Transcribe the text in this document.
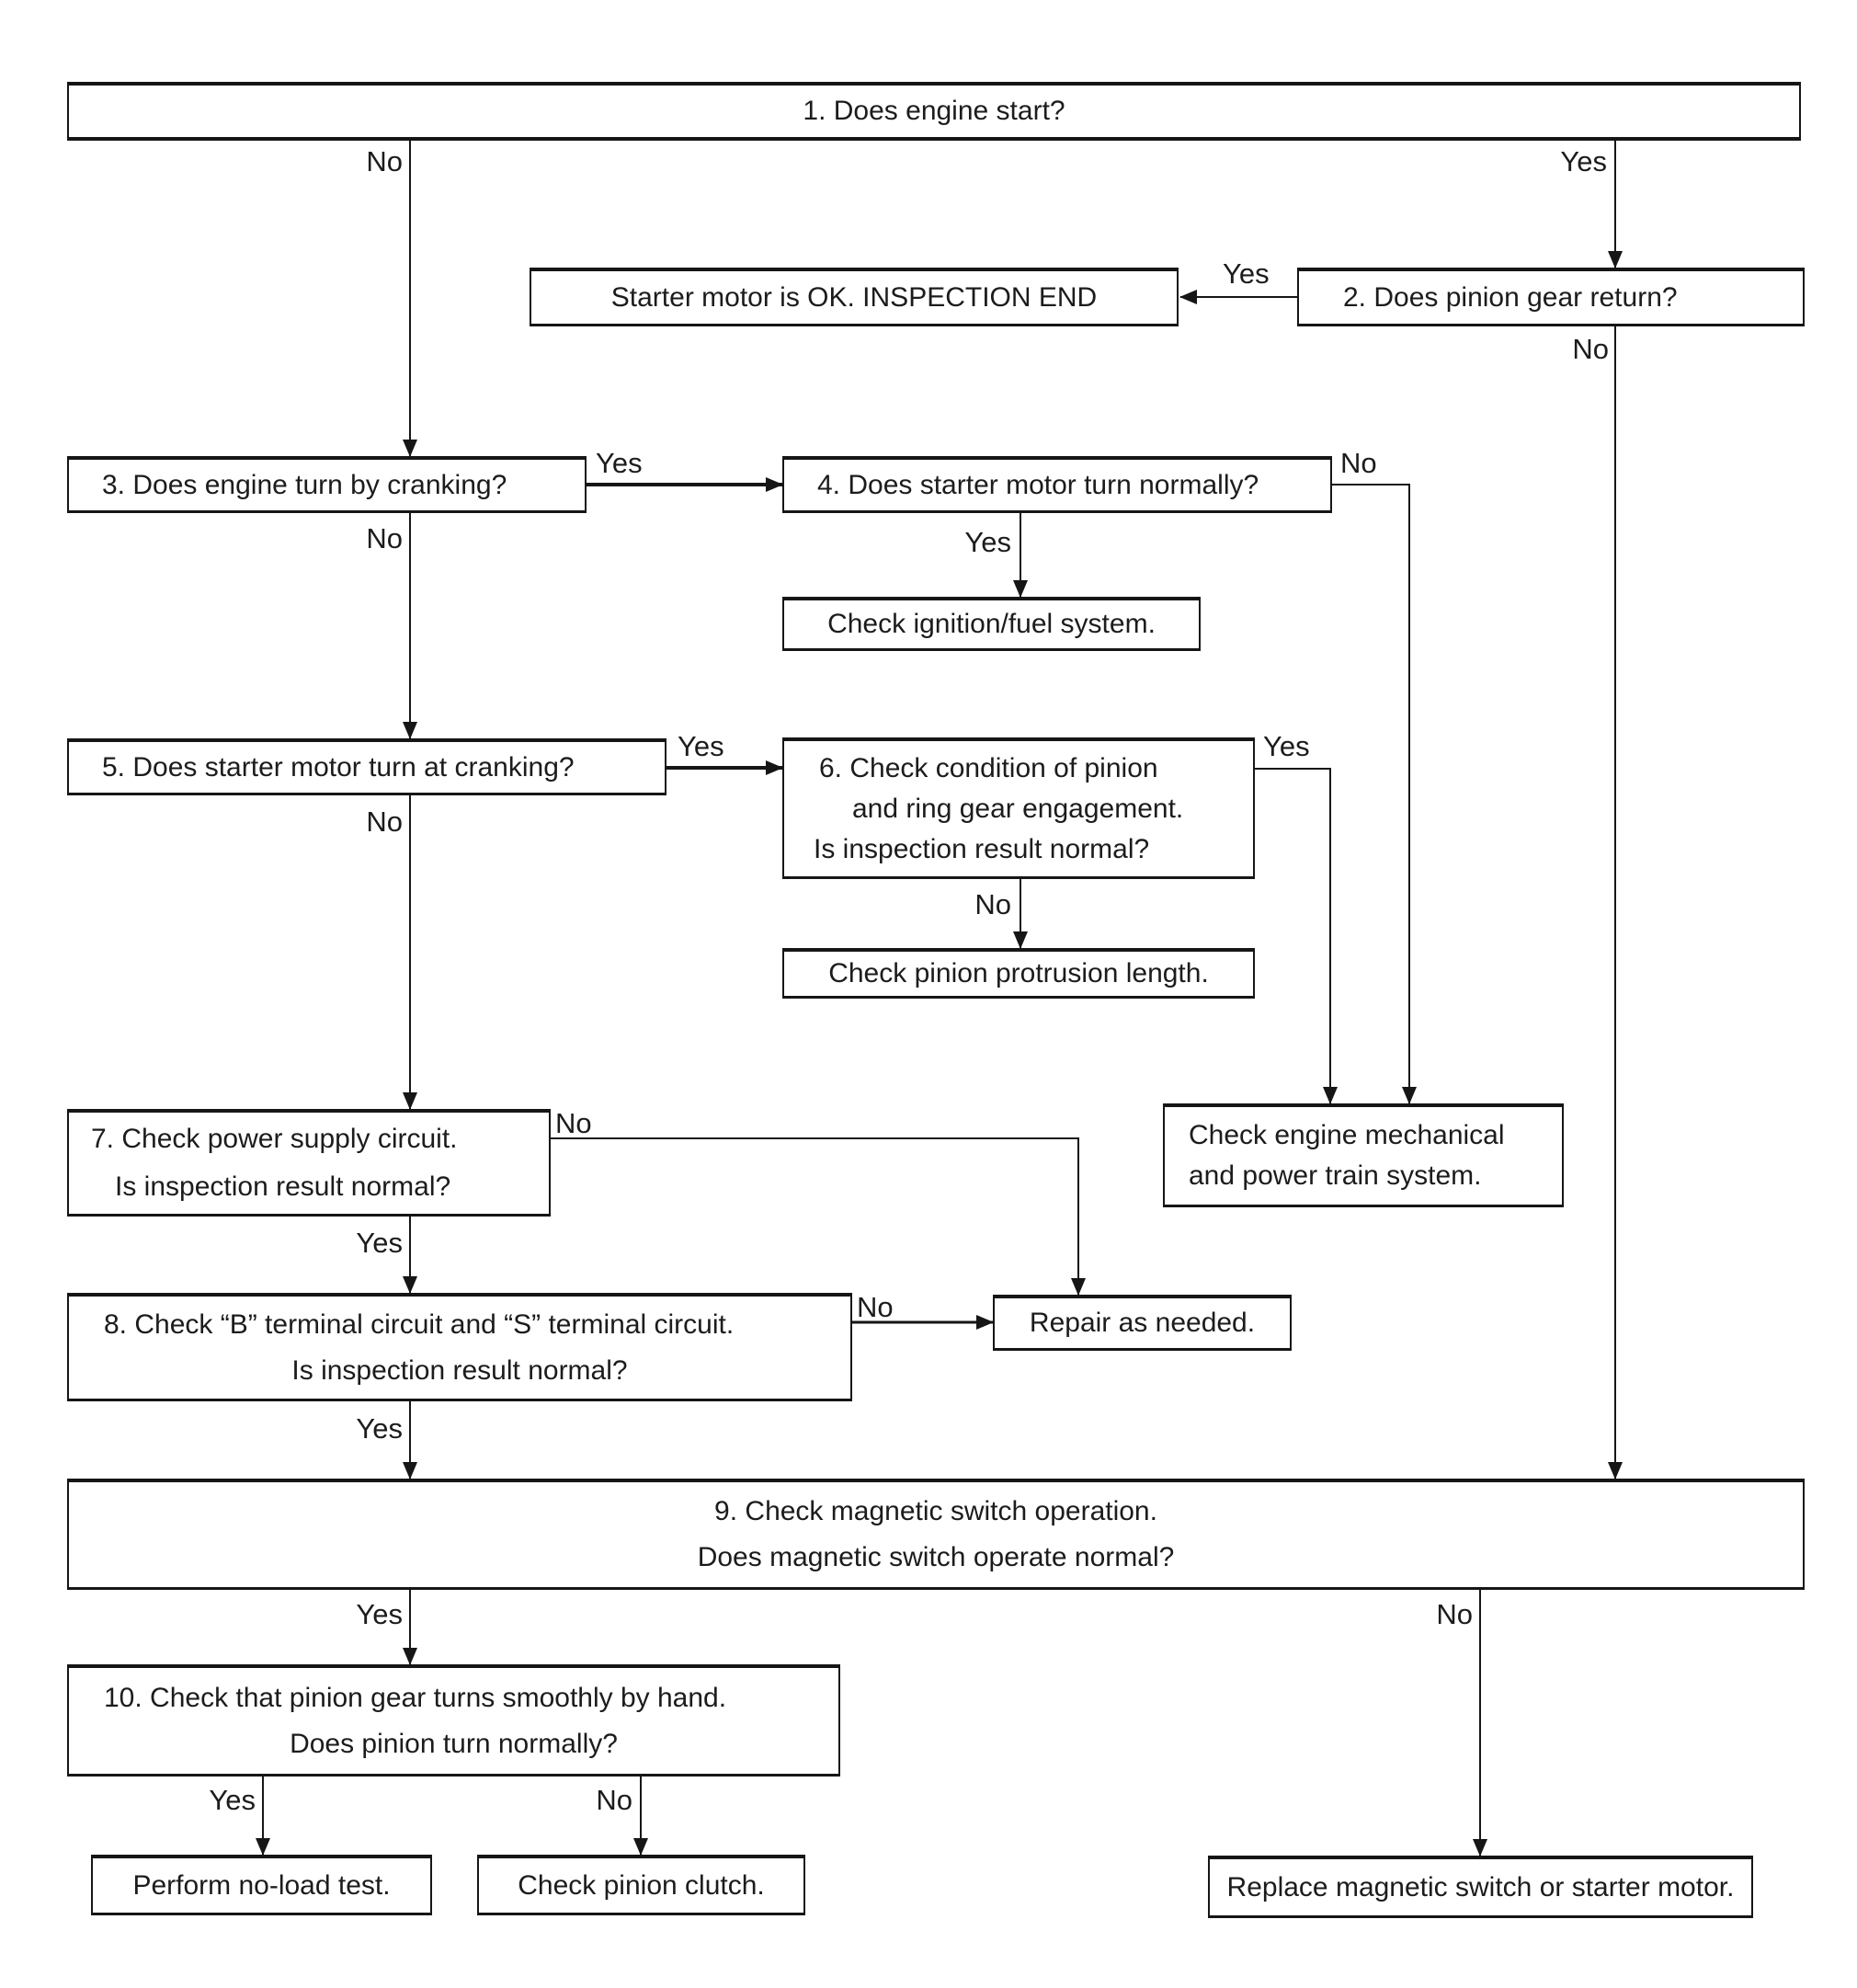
1. Does engine start?
Starter motor is OK. INSPECTION END	2. Does pinion gear return?
3. Does engine turn by cranking?	4. Does starter motor turn normally?
Check ignition/fuel system.
5. Does starter motor turn at cranking?	6. Check condition of pinion
and ring gear engagement.
Is inspection result normal?
Check pinion protrusion length.
7. Check power supply circuit.
Is inspection result normal?
Check engine mechanical
and power train system.
8. Check “B” terminal circuit and “S” terminal circuit.
Is inspection result normal?
Repair as needed.
9. Check magnetic switch operation.
Does magnetic switch operate normal?
10. Check that pinion gear turns smoothly by hand.
Does pinion turn normally?
Perform no-load test.	Check pinion clutch.	Replace magnetic switch or starter motor.
No	Yes
Yes
No
Yes
No
No
Yes
Yes
No
Yes
No
No
Yes
No
Yes
Yes	No
Yes	No
